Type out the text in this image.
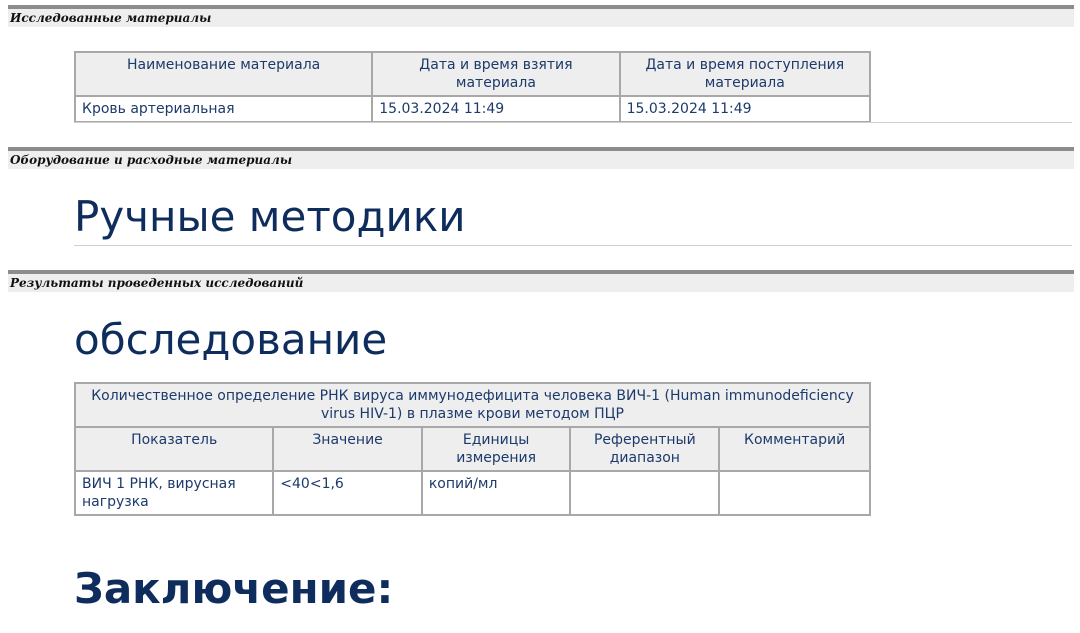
Исследованные материалы
Наименование материала	Дата и время взятия материала	Дата и время поступления материала
Кровь артериальная	15.03.2024 11:49	15.03.2024 11:49
Оборудование и расходные материалы
Ручные методики
Результаты проведенных исследований
обследование
Количественное определение РНК вируса иммунодефицита человека ВИЧ-1 (Human immunodeficiency virus HIV-1) в плазме крови методом ПЦР				
Показатель	Значение	Единицы измерения	Референтный диапазон	Комментарий
ВИЧ 1 РНК, вирусная нагрузка	<40<1,6	копий/мл		
Заключение:
